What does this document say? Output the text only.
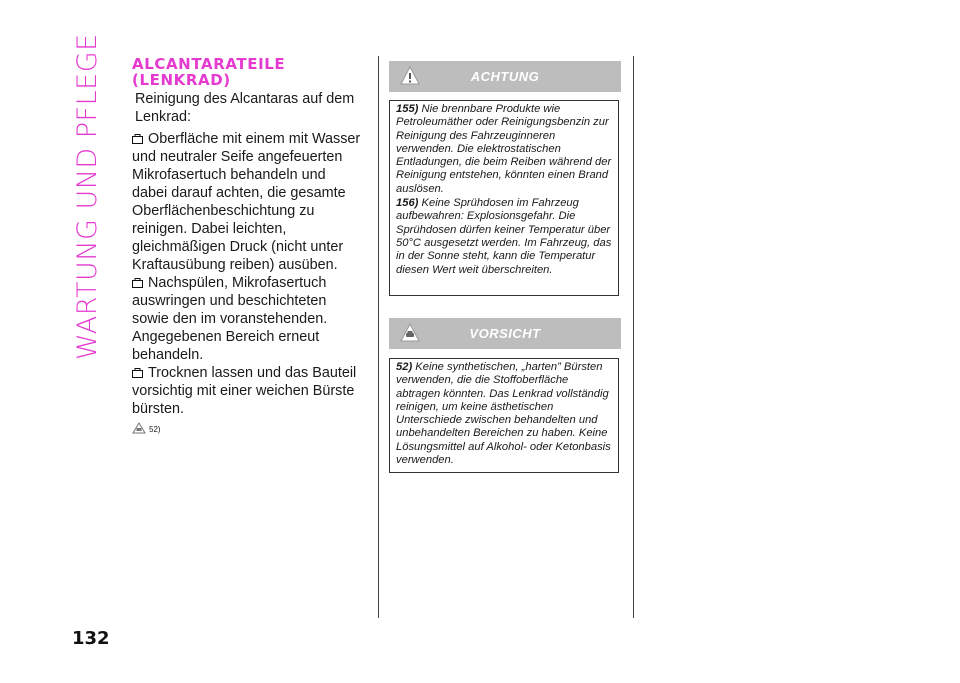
WARTUNG UND PFLEGE
132
ALCANTARATEILE
(LENKRAD)

Reinigung des Alcantaras auf dem Lenkrad:

Oberfläche mit einem mit Wasser und neutraler Seife angefeuerten Mikrofasertuch behandeln und dabei darauf achten, die gesamte Oberflächenbeschichtung zu reinigen. Dabei leichten, gleichmäßigen Druck (nicht unter Kraftausübung reiben) ausüben.

Nachspülen, Mikrofasertuch auswringen und beschichteten sowie den im voranstehenden. Angegebenen Bereich erneut behandeln.

Trocknen lassen und das Bauteil vorsichtig mit einer weichen Bürste bürsten.

52)
ACHTUNG

155) Nie brennbare Produkte wie Petroleumäther oder Reinigungsbenzin zur Reinigung des Fahrzeuginneren verwenden. Die elektrostatischen Entladungen, die beim Reiben während der Reinigung entstehen, könnten einen Brand auslösen.

156) Keine Sprühdosen im Fahrzeug aufbewahren: Explosionsgefahr. Die Sprühdosen dürfen keiner Temperatur über 50°C ausgesetzt werden. Im Fahrzeug, das in der Sonne steht, kann die Temperatur diesen Wert weit überschreiten.

VORSICHT

52) Keine synthetischen, „harten” Bürsten verwenden, die die Stoffoberfläche abtragen könnten. Das Lenkrad vollständig reinigen, um keine ästhetischen Unterschiede zwischen behandelten und unbehandelten Bereichen zu haben. Keine Lösungsmittel auf Alkohol- oder Ketonbasis verwenden.
